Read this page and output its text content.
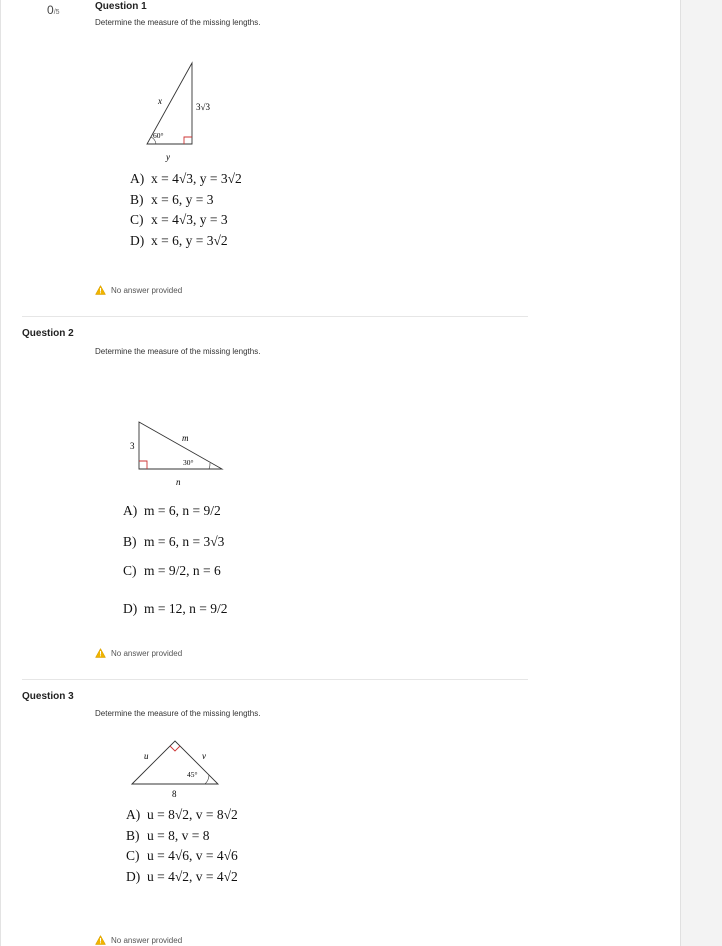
0/5
Question 1
Determine the measure of the missing lengths.
x
3√3
60°
y
A) x = 4√3, y = 3√2
B) x = 6, y = 3
C) x = 4√3, y = 3
D) x = 6, y = 3√2
No answer provided
Question 2
Determine the measure of the missing lengths.
3
m
30°
n
A) m = 6, n = 9/2
B) m = 6, n = 3√3
C) m = 9/2, n = 6
D) m = 12, n = 9/2
No answer provided
Question 3
Determine the measure of the missing lengths.
u	v
45°
8
A) u = 8√2, v = 8√2
B) u = 8, v = 8
C) u = 4√6, v = 4√6
D) u = 4√2, v = 4√2
No answer provided
